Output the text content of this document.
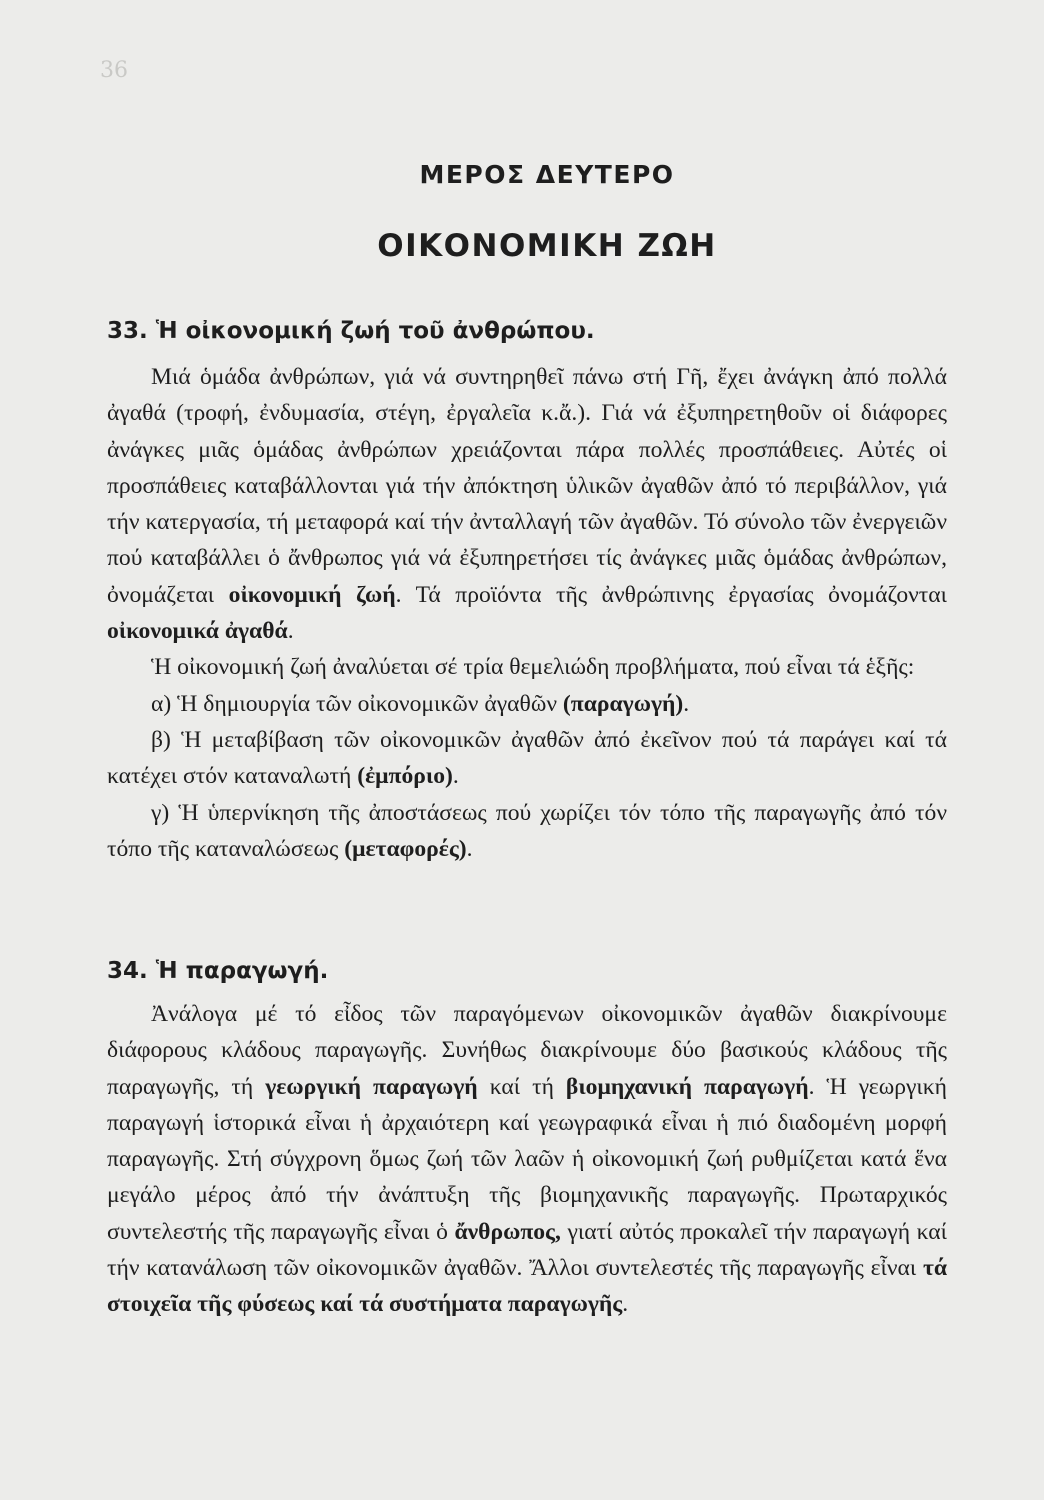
36
ΜΕΡΟΣ ΔΕΥΤΕΡΟ
ΟΙΚΟΝΟΜΙΚΗ ΖΩΗ
33. Ἡ οἰκονομική ζωή τοῦ ἀνθρώπου.

Μιά ὁμάδα ἀνθρώπων, γιά νά συντηρηθεῖ πάνω στή Γῆ, ἔχει ἀνάγκη ἀπό πολλά ἀγαθά (τροφή, ἐνδυμασία, στέγη, ἐργαλεῖα κ.ἄ.). Γιά νά ἐξυπηρετηθοῦν οἱ διάφορες ἀνάγκες μιᾶς ὁμάδας ἀνθρώπων χρειάζονται πάρα πολλές προσπάθειες. Αὐτές οἱ προσπάθειες καταβάλλονται γιά τήν ἀπόκτηση ὑλικῶν ἀγαθῶν ἀπό τό περιβάλλον, γιά τήν κατεργασία, τή μεταφορά καί τήν ἀνταλλαγή τῶν ἀγαθῶν. Τό σύνολο τῶν ἐνεργειῶν πού καταβάλλει ὁ ἄνθρωπος γιά νά ἐξυπηρετήσει τίς ἀνάγκες μιᾶς ὁμάδας ἀνθρώπων, ὀνομάζεται οἰκονομική ζωή. Τά προϊόντα τῆς ἀνθρώπινης ἐργασίας ὀνομάζονται οἰκονομικά ἀγαθά.

Ἡ οἰκονομική ζωή ἀναλύεται σέ τρία θεμελιώδη προβλήματα, πού εἶναι τά ἑξῆς:

α) Ἡ δημιουργία τῶν οἰκονομικῶν ἀγαθῶν (παραγωγή).

β) Ἡ μεταβίβαση τῶν οἰκονομικῶν ἀγαθῶν ἀπό ἐκεῖνον πού τά παράγει καί τά κατέχει στόν καταναλωτή (ἐμπόριο).

γ) Ἡ ὑπερνίκηση τῆς ἀποστάσεως πού χωρίζει τόν τόπο τῆς παραγωγῆς ἀπό τόν τόπο τῆς καταναλώσεως (μεταφορές).

34. Ἡ παραγωγή.

Ἀνάλογα μέ τό εἶδος τῶν παραγόμενων οἰκονομικῶν ἀγαθῶν διακρίνουμε διάφορους κλάδους παραγωγῆς. Συνήθως διακρίνουμε δύο βασικούς κλάδους τῆς παραγωγῆς, τή γεωργική παραγωγή καί τή βιομηχανική παραγωγή. Ἡ γεωργική παραγωγή ἱστορικά εἶναι ἡ ἀρχαιότερη καί γεωγραφικά εἶναι ἡ πιό διαδομένη μορφή παραγωγῆς. Στή σύγχρονη ὅμως ζωή τῶν λαῶν ἡ οἰκονομική ζωή ρυθμίζεται κατά ἕνα μεγάλο μέρος ἀπό τήν ἀνάπτυξη τῆς βιομηχανικῆς παραγωγῆς. Πρωταρχικός συντελεστής τῆς παραγωγῆς εἶναι ὁ ἄνθρωπος, γιατί αὐτός προκαλεῖ τήν παραγωγή καί τήν κατανάλωση τῶν οἰκονομικῶν ἀγαθῶν. Ἄλλοι συντελεστές τῆς παραγωγῆς εἶναι τά στοιχεῖα τῆς φύσεως καί τά συστήματα παραγωγῆς.
